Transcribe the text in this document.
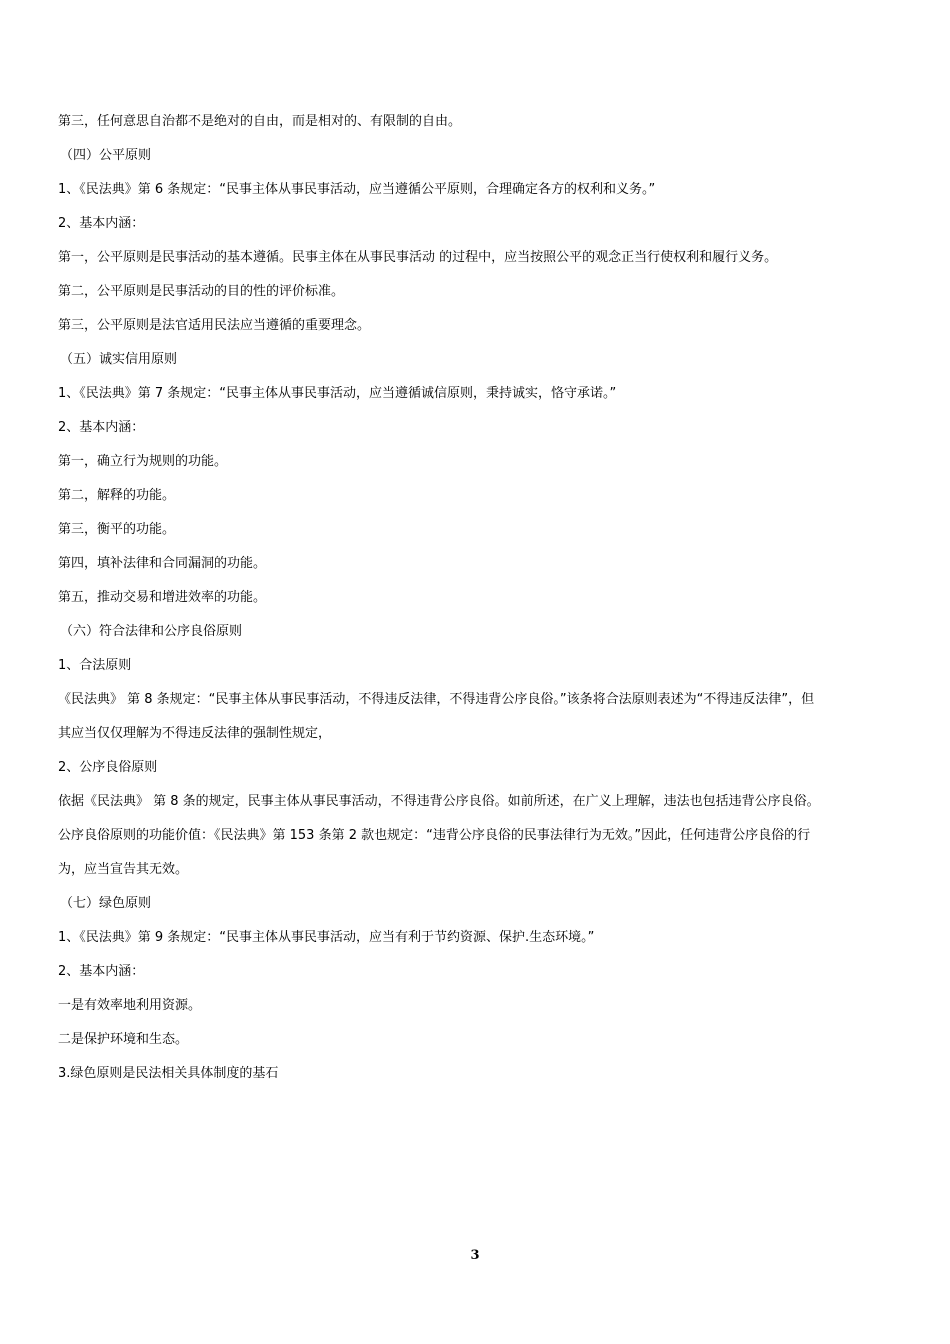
第三，任何意思自治都不是绝对的自由，而是相对的、有限制的自由。
（四）公平原则
1、《民法典》第 6 条规定：“民事主体从事民事活动，应当遵循公平原则，合理确定各方的权利和义务。”
2、基本内涵：
第一，公平原则是民事活动的基本遵循。民事主体在从事民事活动 的过程中，应当按照公平的观念正当行使权利和履行义务。
第二，公平原则是民事活动的目的性的评价标准。
第三，公平原则是法官适用民法应当遵循的重要理念。
（五）诚实信用原则
1、《民法典》第 7 条规定：“民事主体从事民事活动，应当遵循诚信原则，秉持诚实，恪守承诺。”
2、基本内涵：
第一，确立行为规则的功能。
第二，解释的功能。
第三，衡平的功能。
第四，填补法律和合同漏洞的功能。
第五，推动交易和增进效率的功能。
（六）符合法律和公序良俗原则
1、合法原则
《民法典》 第 8 条规定：“民事主体从事民事活动，不得违反法律，不得违背公序良俗。”该条将合法原则表述为“不得违反法律”，但
其应当仅仅理解为不得违反法律的强制性规定，
2、公序良俗原则
依据《民法典》 第 8 条的规定，民事主体从事民事活动，不得违背公序良俗。如前所述，在广义上理解，违法也包括违背公序良俗。
公序良俗原则的功能价值：《民法典》第 153 条第 2 款也规定：“违背公序良俗的民事法律行为无效。”因此，任何违背公序良俗的行
为，应当宣告其无效。
（七）绿色原则
1、《民法典》第 9 条规定：“民事主体从事民事活动，应当有利于节约资源、保护.生态环境。”
2、基本内涵：
一是有效率地利用资源。
二是保护环境和生态。
3.绿色原则是民法相关具体制度的基石
3
